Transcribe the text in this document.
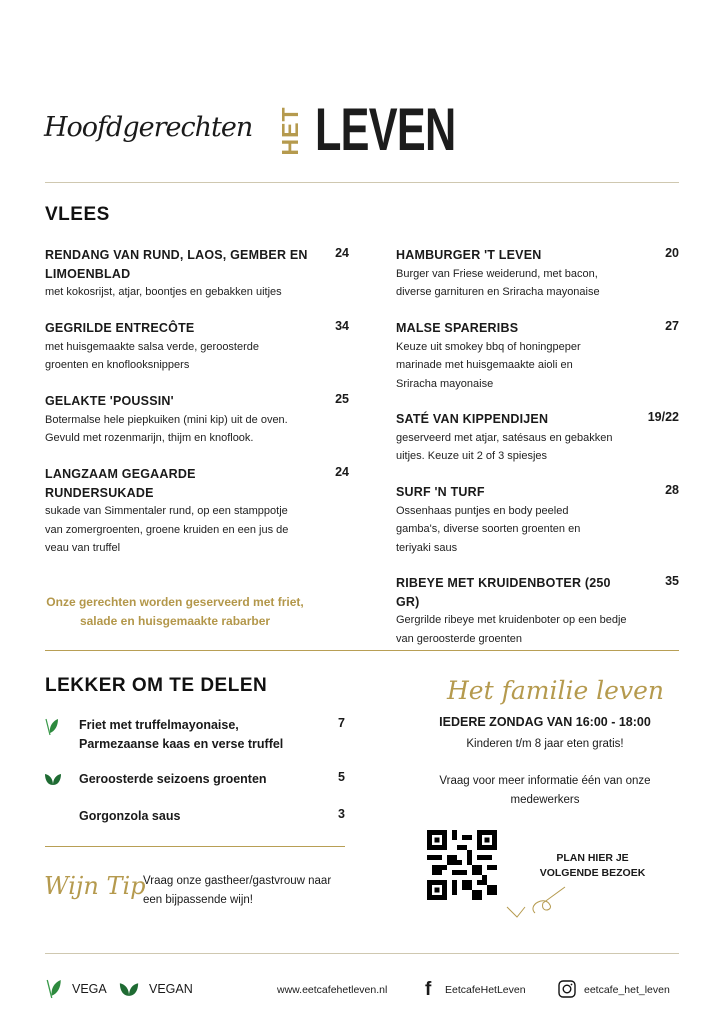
Hoofdgerechten HET LEVEN
VLEES
RENDANG VAN RUND, LAOS, GEMBER EN LIMOENBLAD
met kokosrijst, atjar, boontjes en gebakken uitjes
24
GEGRILDE ENTRECÔTE
met huisgemaakte salsa verde, geroosterde groenten en knoflooksnippers
34
GELAKTE 'POUSSIN'
Botermalse hele piepkuiken (mini kip) uit de oven. Gevuld met rozenmarijn, thijm en knoflook.
25
LANGZAAM GEGAARDE RUNDERSUKADE
sukade van Simmentaler rund, op een stamppotje van zomergroenten, groene kruiden en een jus de veau van truffel
24
Onze gerechten worden geserveerd met friet, salade en huisgemaakte rabarber
HAMBURGER 'T LEVEN
Burger van Friese weiderund, met bacon, diverse garnituren en Sriracha mayonaise
20
MALSE SPARERIBS
Keuze uit smokey bbq of honingpeper marinade met huisgemaakte aioli en Sriracha mayonaise
27
SATÉ VAN KIPPENDIJEN
geserveerd met atjar, satésaus en gebakken uitjes. Keuze uit 2 of 3 spiesjes
19/22
SURF 'N TURF
Ossenhaas puntjes en body peeled gamba's, diverse soorten groenten en teriyaki saus
28
RIBEYE MET KRUIDENBOTER (250 GR)
Gergrilde ribeye met kruidenboter op een bedje van geroosterde groenten
35
LEKKER OM TE DELEN
Friet met truffelmayonaise, Parmezaanse kaas en verse truffel
7
Geroosterde seizoens groenten	5
Gorgonzola saus	3
Wijn Tip
Vraag onze gastheer/gastvrouw naar een bijpassende wijn!
Het familie leven
IEDERE ZONDAG VAN 16:00 - 18:00
Kinderen t/m 8 jaar eten gratis!
Vraag voor meer informatie één van onze medewerkers
PLAN HIER JE VOLGENDE BEZOEK
VEGA	VEGAN	www.eetcafehetleven.nl f EetcafeHetLeven	eetcafe_het_leven
